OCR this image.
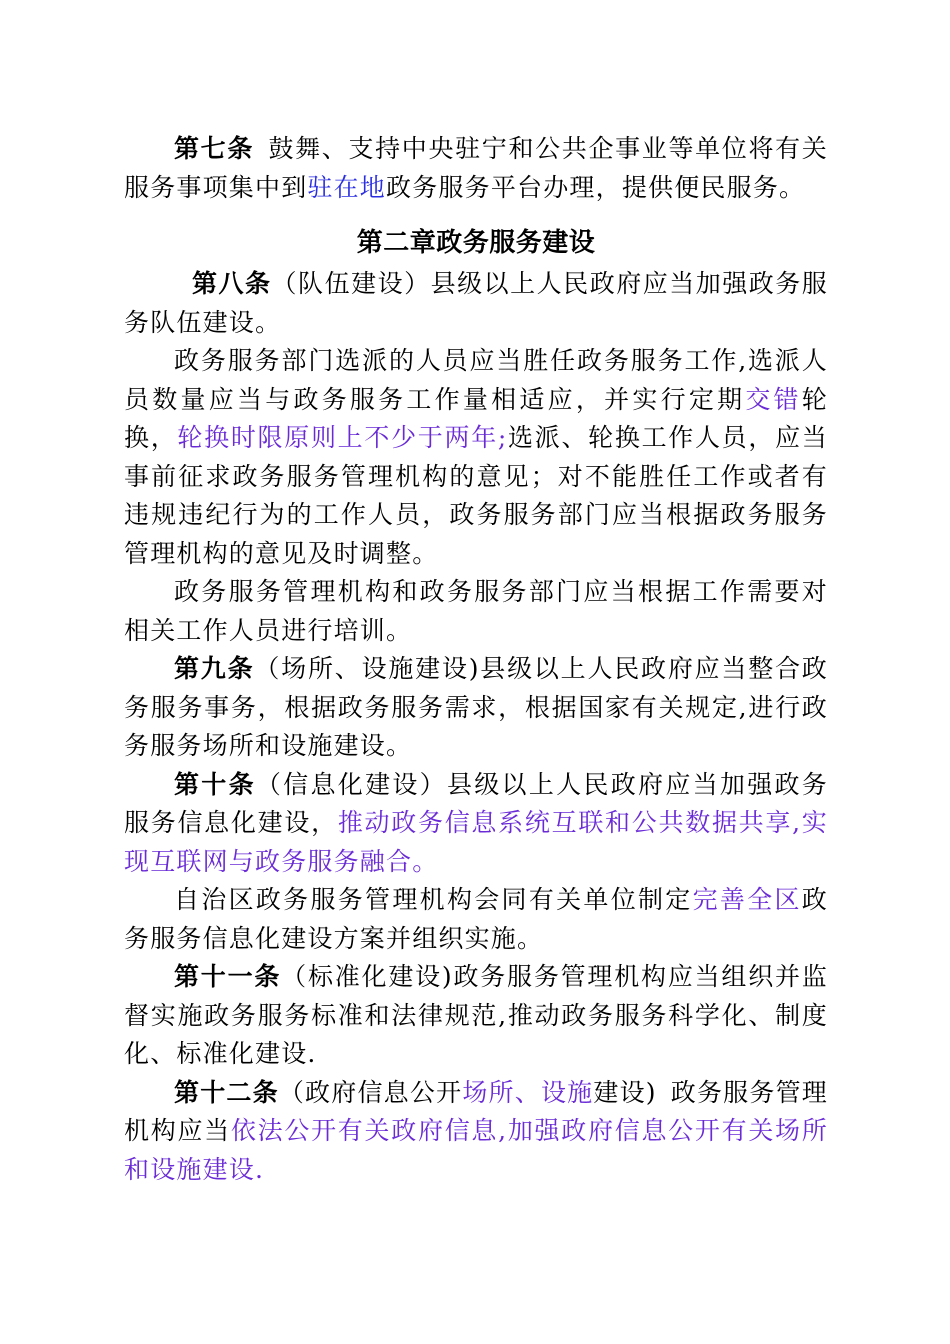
第七条 鼓舞、支持中央驻宁和公共企事业等单位将有关服务事项集中到驻在地政务服务平台办理，提供便民服务。

第二章政务服务建设

第八条（队伍建设）县级以上人民政府应当加强政务服务队伍建设。

政务服务部门选派的人员应当胜任政务服务工作,选派人员数量应当与政务服务工作量相适应，并实行定期交错轮换，轮换时限原则上不少于两年;选派、轮换工作人员，应当事前征求政务服务管理机构的意见；对不能胜任工作或者有违规违纪行为的工作人员，政务服务部门应当根据政务服务管理机构的意见及时调整。

政务服务管理机构和政务服务部门应当根据工作需要对相关工作人员进行培训。

第九条（场所、设施建设)县级以上人民政府应当整合政务服务事务，根据政务服务需求，根据国家有关规定,进行政务服务场所和设施建设。

第十条（信息化建设）县级以上人民政府应当加强政务服务信息化建设，推动政务信息系统互联和公共数据共享,实现互联网与政务服务融合。

自治区政务服务管理机构会同有关单位制定完善全区政务服务信息化建设方案并组织实施。

第十一条（标准化建设)政务服务管理机构应当组织并监督实施政务服务标准和法律规范,推动政务服务科学化、制度化、标准化建设.

第十二条（政府信息公开场所、设施建设) 政务服务管理机构应当依法公开有关政府信息,加强政府信息公开有关场所和设施建设.
